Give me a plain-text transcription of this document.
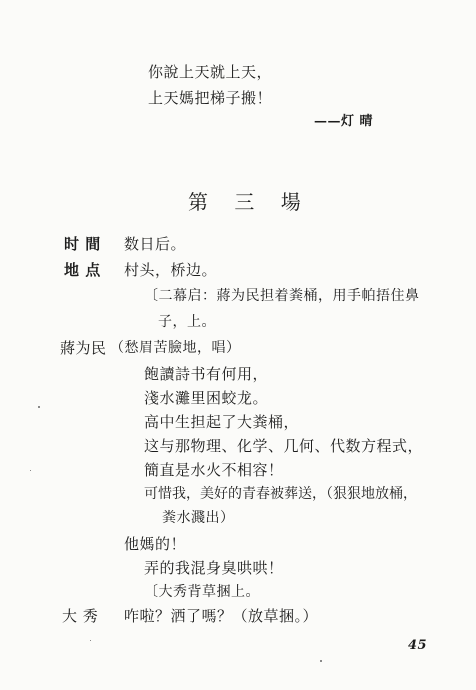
你說上天就上天，
上天媽把梯子搬！
——灯 晴
第 三 場
时 間 数日后。
地 点 村头，桥边。
〔二幕启：蔣为民担着粪桶，用手帕捂住鼻
子，上。
蔣为民 （愁眉苦臉地，唱）
飽讀詩书有何用，
淺水灘里困蛟龙。
高中生担起了大粪桶，
这与那物理、化学、几何、代数方程式，
簡直是水火不相容！
可惜我，美好的青春被葬送，（狠狠地放桶，
粪水濺出）
他媽的！
弄的我混身臭哄哄！
〔大秀背草捆上。
大 秀 咋啦？洒了嗎？（放草捆。）
45
